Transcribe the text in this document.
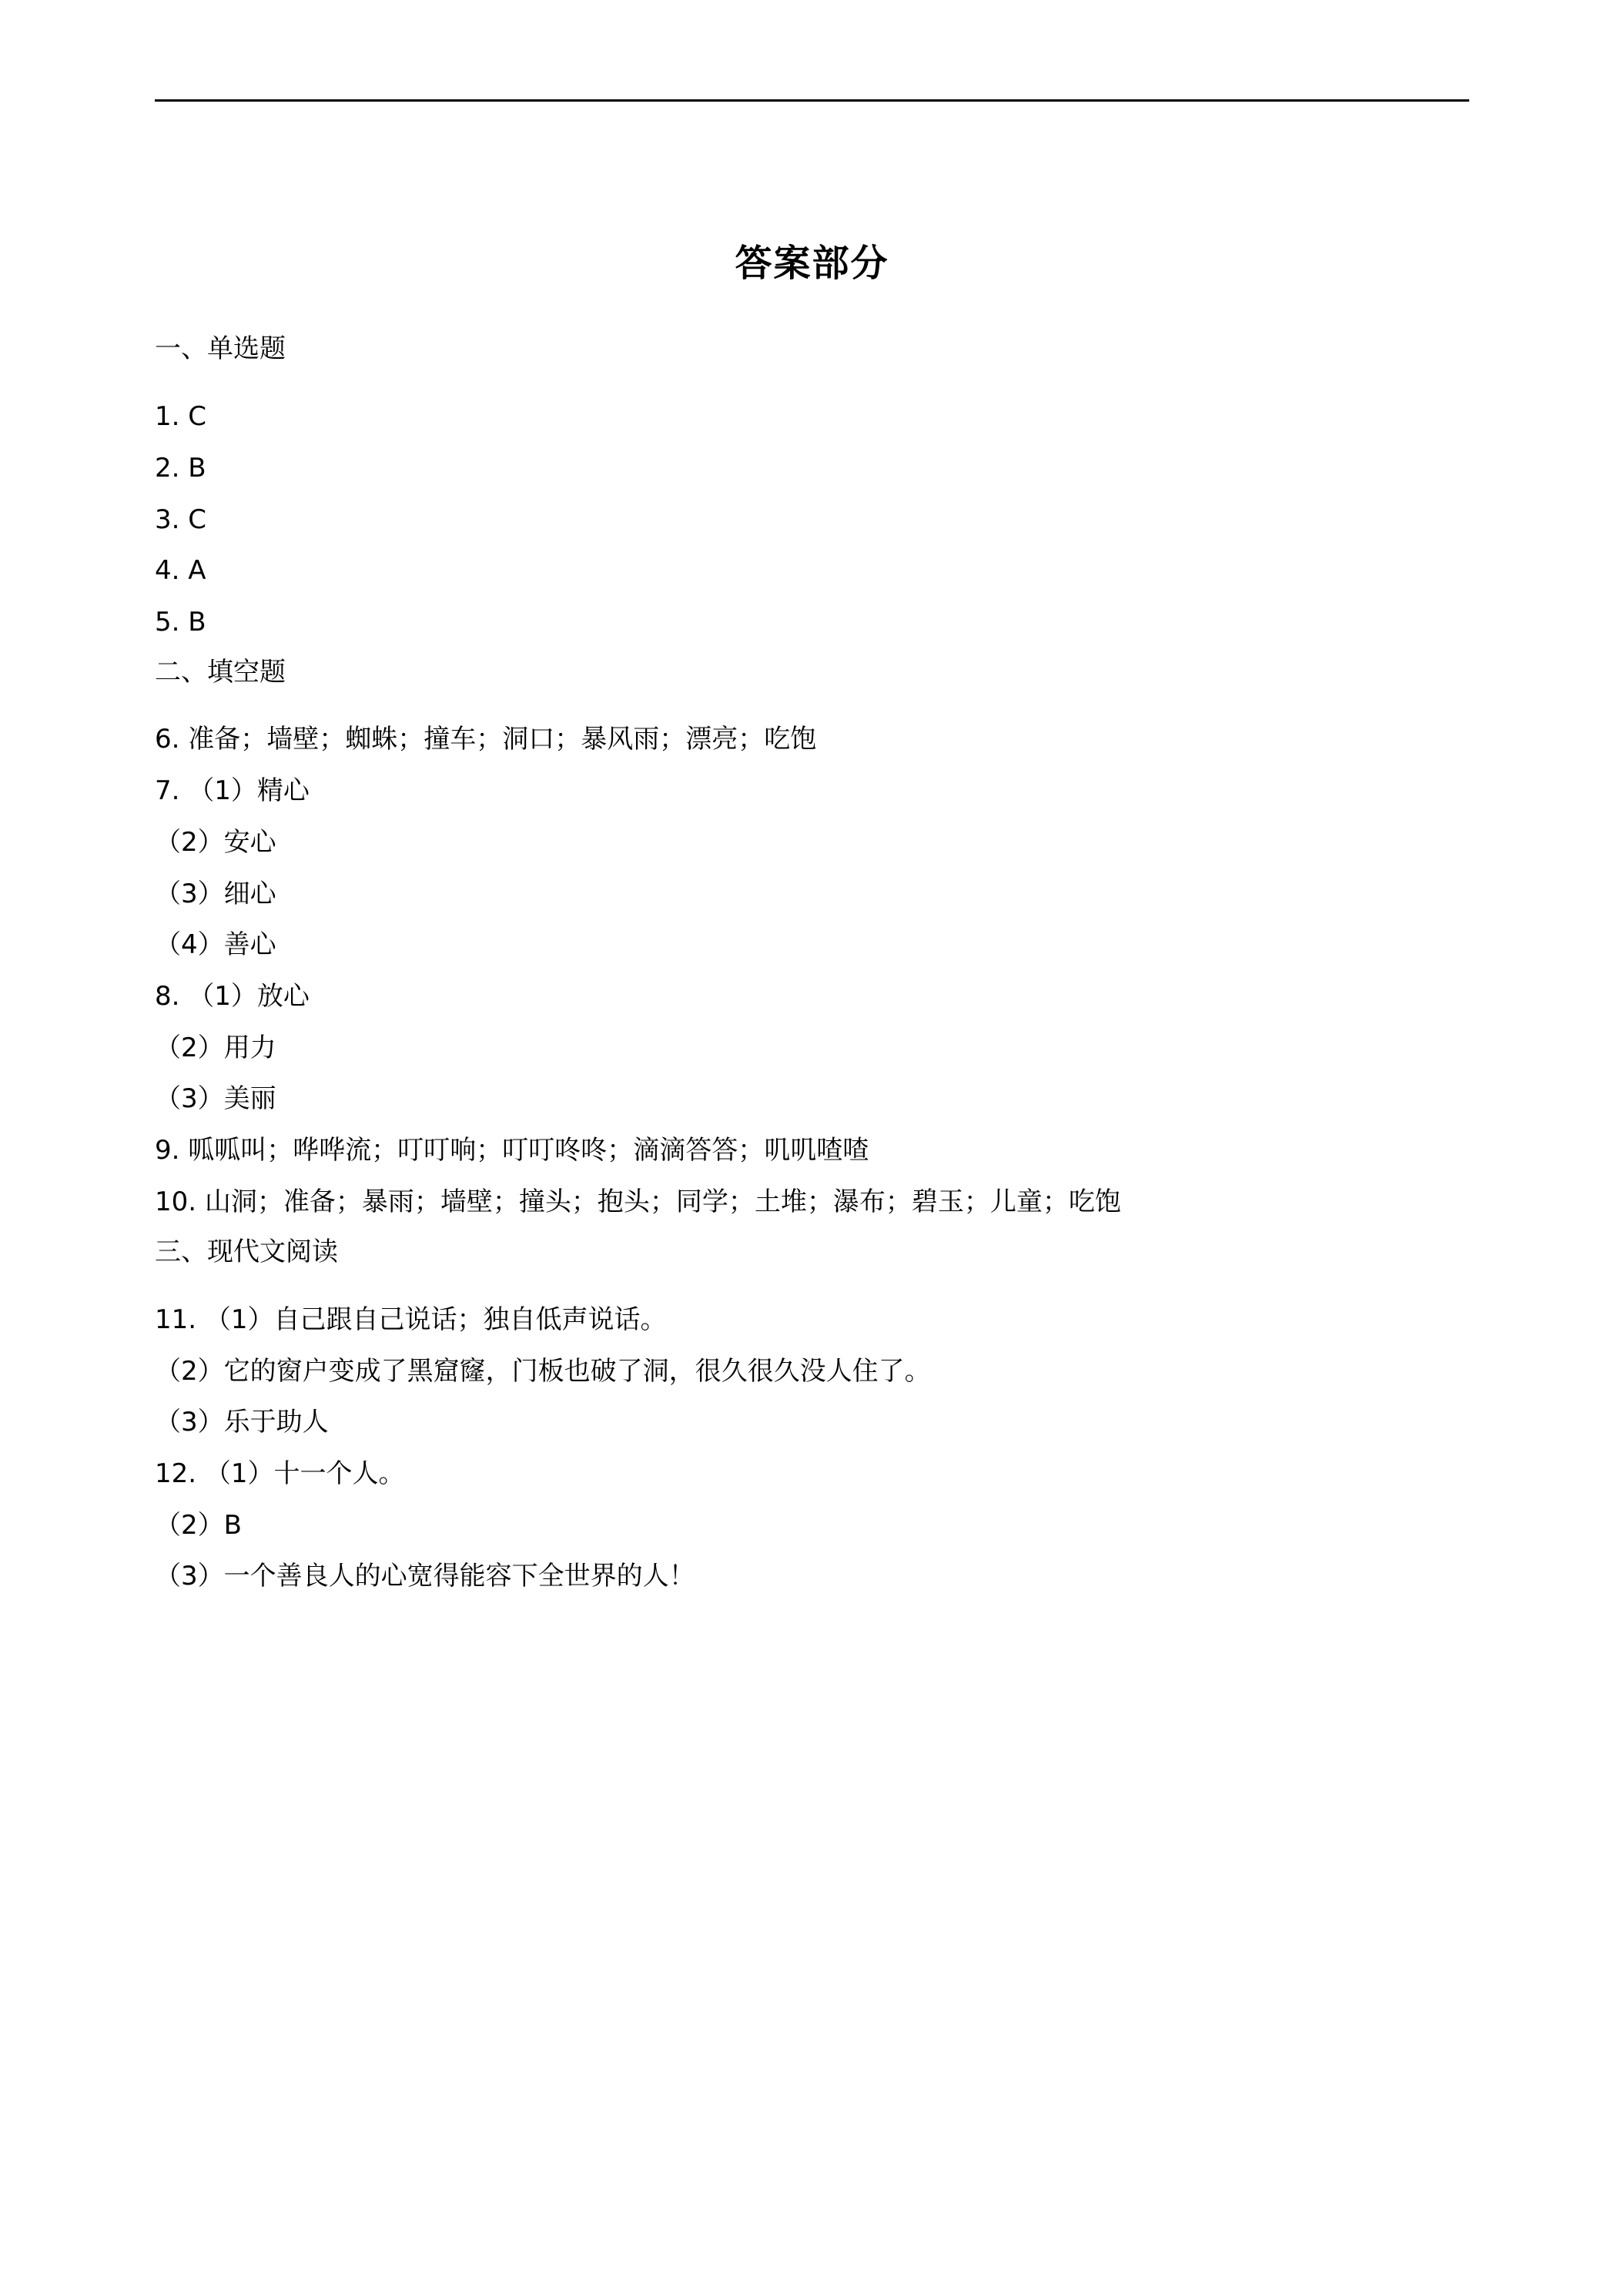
答案部分
一、单选题
1. C
2. B
3. C
4. A
5. B
二、填空题
6. 准备；墙壁；蜘蛛；撞车；洞口；暴风雨；漂亮；吃饱
7. （1）精心
（2）安心
（3）细心
（4）善心
8. （1）放心
（2）用力
（3）美丽
9. 呱呱叫；哗哗流；叮叮响；叮叮咚咚；滴滴答答；叽叽喳喳
10. 山洞；准备；暴雨；墙壁；撞头；抱头；同学；土堆；瀑布；碧玉；儿童；吃饱
三、现代文阅读
11. （1）自己跟自己说话；独自低声说话。
（2）它的窗户变成了黑窟窿，门板也破了洞，很久很久没人住了。
（3）乐于助人
12. （1）十一个人。
（2）B
（3）一个善良人的心宽得能容下全世界的人！
